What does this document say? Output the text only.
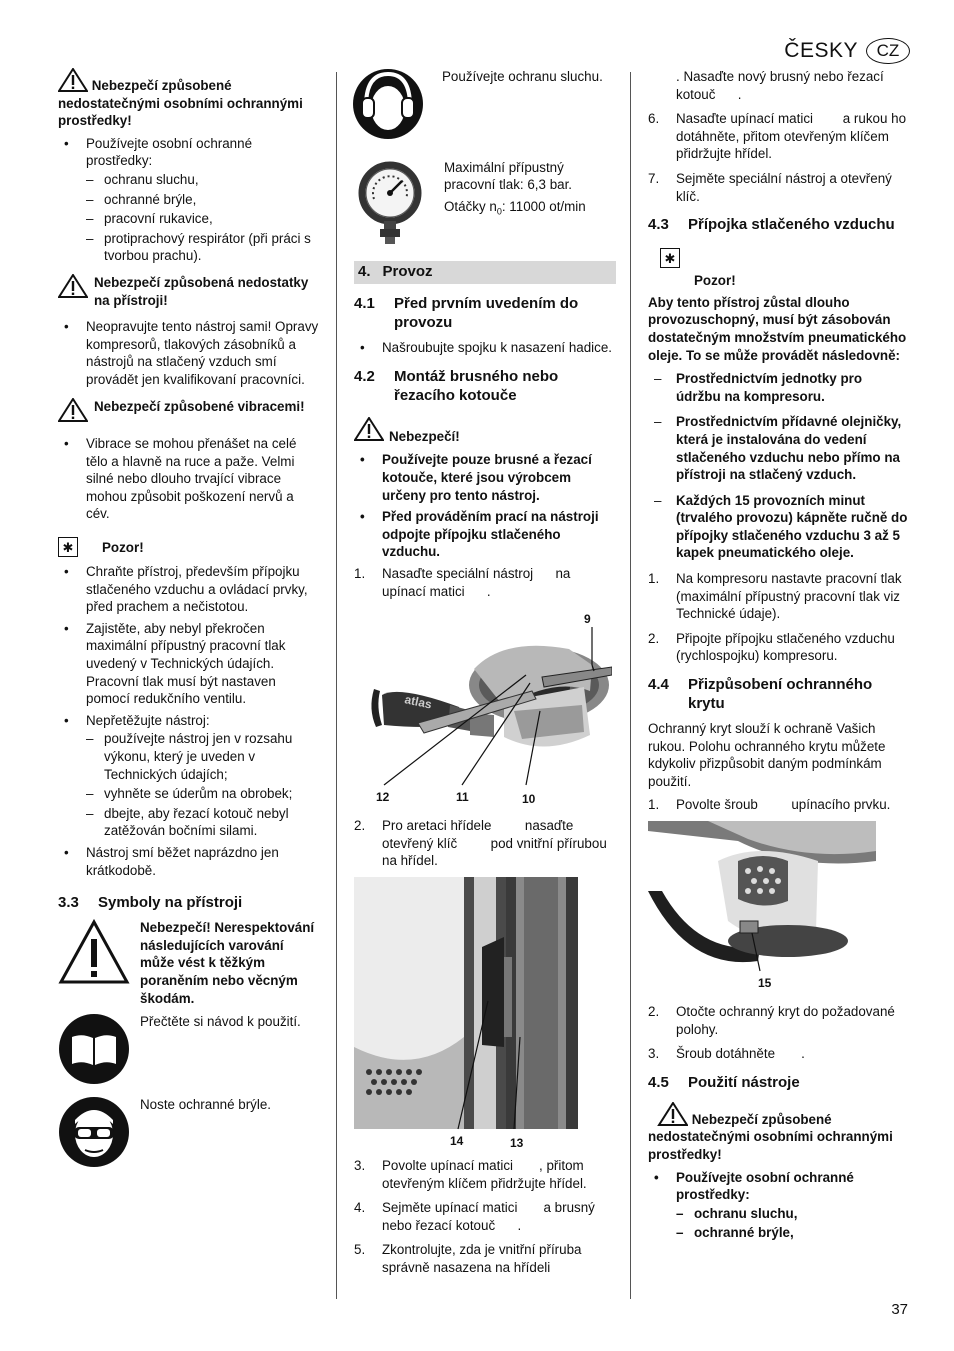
ČESKY	CZ
Nebezpečí způsobené nedostatečnými osobními ochrannými prostředky!
• Používejte osobní ochranné prostředky:
– ochranu sluchu,
– ochranné brýle,
– pracovní rukavice,
– protiprachový respirátor (při práci s tvorbou prachu).
Nebezpečí způsobená nedostatky na přístroji!
• Neopravujte tento nástroj sami! Opravy kompresorů, tlakových zásobníků a nástrojů na stlačený vzduch smí provádět jen kvalifikovaní pracovníci.
Nebezpečí způsobené vibracemi!
• Vibrace se mohou přenášet na celé tělo a hlavně na ruce a paže. Velmi silné nebo dlouho trvající vibrace mohou způsobit poškození nervů a cév.
✱	Pozor!
• Chraňte přístroj, především přípojku stlačeného vzduchu a ovládací prvky, před prachem a nečistotou.
• Zajistěte, aby nebyl překročen maximální přípustný pracovní tlak uvedený v Technických údajích. Pracovní tlak musí být nastaven pomocí redukčního ventilu.
• Nepřetěžujte nástroj:
– používejte nástroj jen v rozsahu výkonu, který je uveden v Technických údajích;
– vyhněte se úderům na obrobek;
– dbejte, aby řezací kotouč nebyl zatěžován bočními silami.
• Nástroj smí běžet naprázdno jen krátkodobě.
3.3	Symboly na přístroji
Nebezpečí! Nerespektování následujících varování může vést k těžkým poraněním nebo věcným škodám.
Přečtěte si návod k použití.
Noste ochranné brýle.
Používejte ochranu sluchu.
Maximální přípustný pracovní tlak: 6,3 bar.
Otáčky $n_0$: 11000 ot/min
4. Provoz
4.1	Před prvním uvedením do provozu
• Našroubujte spojku k nasazení hadice.
4.2	Montáž brusného nebo řezacího kotouče
Nebezpečí!
• Používejte pouze brusné a řezací kotouče, které jsou výrobcem určeny pro tento nástroj.
• Před prováděním prací na nástroji odpojte přípojku stlačeného vzduchu.
1. Nasaďte speciální nástroj      na upínací matici      .
atlas
9
12	11	10
2. Pro aretaci hřídele         nasaďte otevřený klíč         pod vnitřní přírubou         na hřídel.
14	13
3. Povolte upínací matici       , přitom otevřeným klíčem přidržujte hřídel.
4. Sejměte upínací matici       a brusný nebo řezací kotouč      .
5. Zkontrolujte, zda je vnitřní příruba          správně nasazena na hřídeli
. Nasaďte nový brusný nebo řezací kotouč      .
6. Nasaďte upínací matici        a rukou ho dotáhněte, přitom otevřeným klíčem přidržujte hřídel.
7. Sejměte speciální nástroj a otevřený klíč.
4.3	Přípojka stlačeného vzduchu
✱
Pozor!
Aby tento přístroj zůstal dlouho provozuschopný, musí být zásobován dostatečným množstvím pneumatického oleje. To se může provádět následovně:
– Prostřednictvím jednotky pro údržbu na kompresoru.
– Prostřednictvím přídavné olejničky, která je instalována do vedení stlačeného vzduchu nebo přímo na přístroji na stlačený vzduch.
– Každých 15 provozních minut (trvalého provozu) kápněte ručně do přípojky stlačeného vzduchu 3 až 5 kapek pneumatického oleje.
1. Na kompresoru nastavte pracovní tlak (maximální přípustný pracovní tlak viz Technické údaje).
2. Připojte přípojku stlačeného vzduchu (rychlospojku) kompresoru.
4.4	Přizpůsobení ochranného krytu
Ochranný kryt slouží k ochraně Vašich rukou. Polohu ochranného krytu můžete kdykoliv přizpůsobit daným podmínkám použití.
1. Povolte šroub         upínacího prvku.
15
2. Otočte ochranný kryt do požadované polohy.
3. Šroub dotáhněte       .
4.5	Použití nástroje
Nebezpečí způsobené nedostatečnými osobními ochrannými prostředky!
• Používejte osobní ochranné prostředky:
– ochranu sluchu,
– ochranné brýle,
37
